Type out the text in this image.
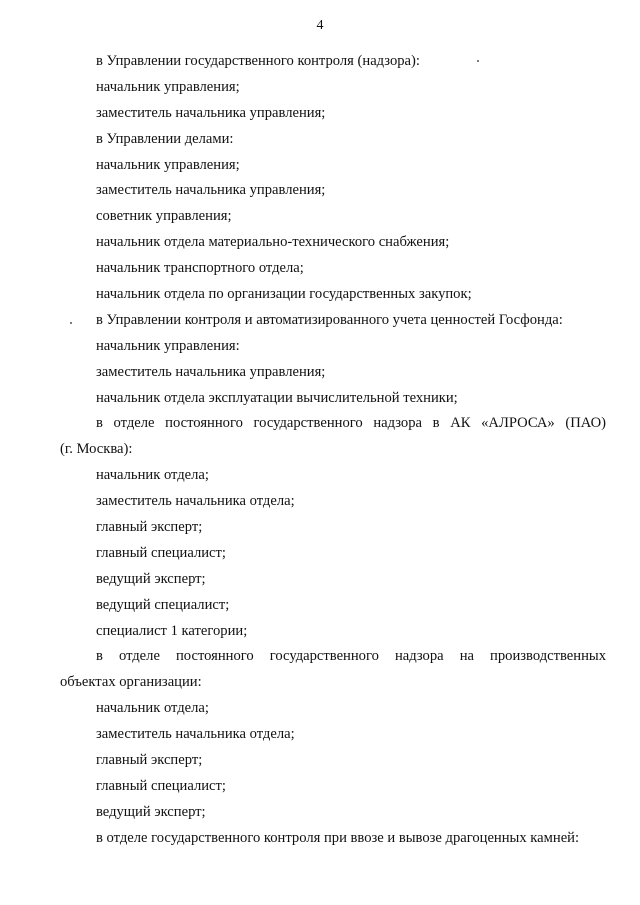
4
в Управлении государственного контроля (надзора):
начальник управления;
заместитель начальника управления;
в Управлении делами:
начальник управления;
заместитель начальника управления;
советник управления;
начальник отдела материально-технического снабжения;
начальник транспортного отдела;
начальник отдела по организации государственных закупок;
в Управлении контроля и автоматизированного учета ценностей Госфонда:
начальник управления:
заместитель начальника управления;
начальник отдела эксплуатации вычислительной техники;
в отделе постоянного государственного надзора в АК «АЛРОСА» (ПАО)
(г. Москва):
начальник отдела;
заместитель начальника отдела;
главный эксперт;
главный специалист;
ведущий эксперт;
ведущий специалист;
специалист 1 категории;
в отделе постоянного государственного надзора на производственных
объектах организации:
начальник отдела;
заместитель начальника отдела;
главный эксперт;
главный специалист;
ведущий эксперт;
в отделе государственного контроля при ввозе и вывозе драгоценных камней:
